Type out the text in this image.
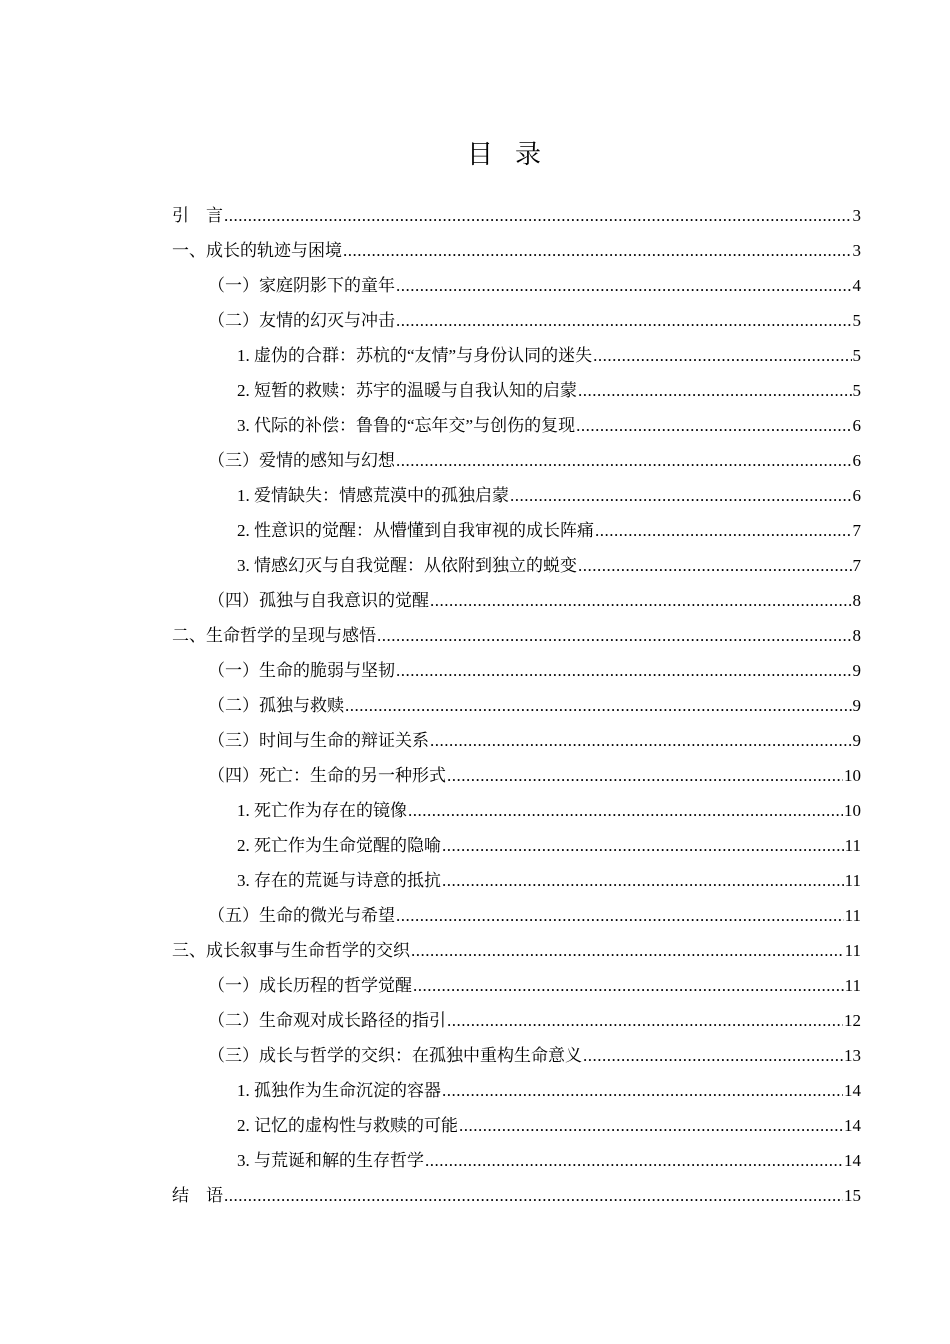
目录
引　言 .....	3
一、成长的轨迹与困境 .....	3
（一）家庭阴影下的童年 .....	4
（二）友情的幻灭与冲击 .....	5
1. 虚伪的合群：苏杭的“友情”与身份认同的迷失 .....	5
2. 短暂的救赎：苏宇的温暖与自我认知的启蒙 .....	5
3. 代际的补偿：鲁鲁的“忘年交”与创伤的复现 .....	6
（三）爱情的感知与幻想 .....	6
1. 爱情缺失：情感荒漠中的孤独启蒙 .....	6
2. 性意识的觉醒：从懵懂到自我审视的成长阵痛 .....	7
3. 情感幻灭与自我觉醒：从依附到独立的蜕变 .....	7
（四）孤独与自我意识的觉醒 .....	8
二、生命哲学的呈现与感悟 .....	8
（一）生命的脆弱与坚韧 .....	9
（二）孤独与救赎 .....	9
（三）时间与生命的辩证关系 .....	9
（四）死亡：生命的另一种形式 .....	10
1. 死亡作为存在的镜像 .....	10
2. 死亡作为生命觉醒的隐喻 .....	11
3. 存在的荒诞与诗意的抵抗 .....	11
（五）生命的微光与希望 .....	11
三、成长叙事与生命哲学的交织 .....	11
（一）成长历程的哲学觉醒 .....	11
（二）生命观对成长路径的指引 .....	12
（三）成长与哲学的交织：在孤独中重构生命意义 .....	13
1. 孤独作为生命沉淀的容器 .....	14
2. 记忆的虚构性与救赎的可能 .....	14
3. 与荒诞和解的生存哲学 .....	14
结　语 .....	15
